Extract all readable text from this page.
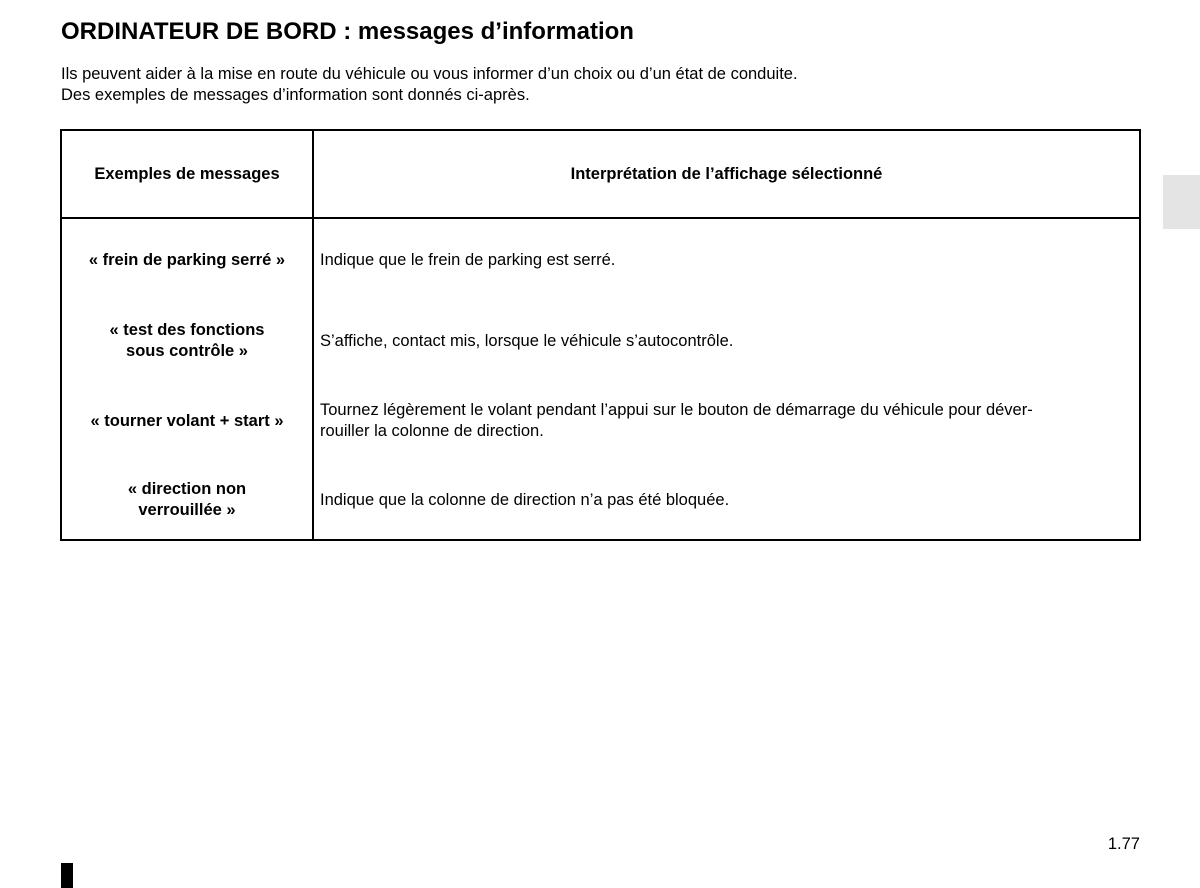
ORDINATEUR DE BORD : messages d’information

Ils peuvent aider à la mise en route du véhicule ou vous informer d’un choix ou d’un état de conduite.

Des exemples de messages d’information sont donnés ci-après.

Exemples de messages	Interprétation de l’affichage sélectionné

« frein de parking serré »	Indique que le frein de parking est serré.

« test des fonctions
sous contrôle »	S’affiche, contact mis, lorsque le véhicule s’autocontrôle.

« tourner volant + start »	Tournez légèrement le volant pendant l’appui sur le bouton de démarrage du véhicule pour déver-
rouiller la colonne de direction.

« direction non
verrouillée »	Indique que la colonne de direction n’a pas été bloquée.
1.77
